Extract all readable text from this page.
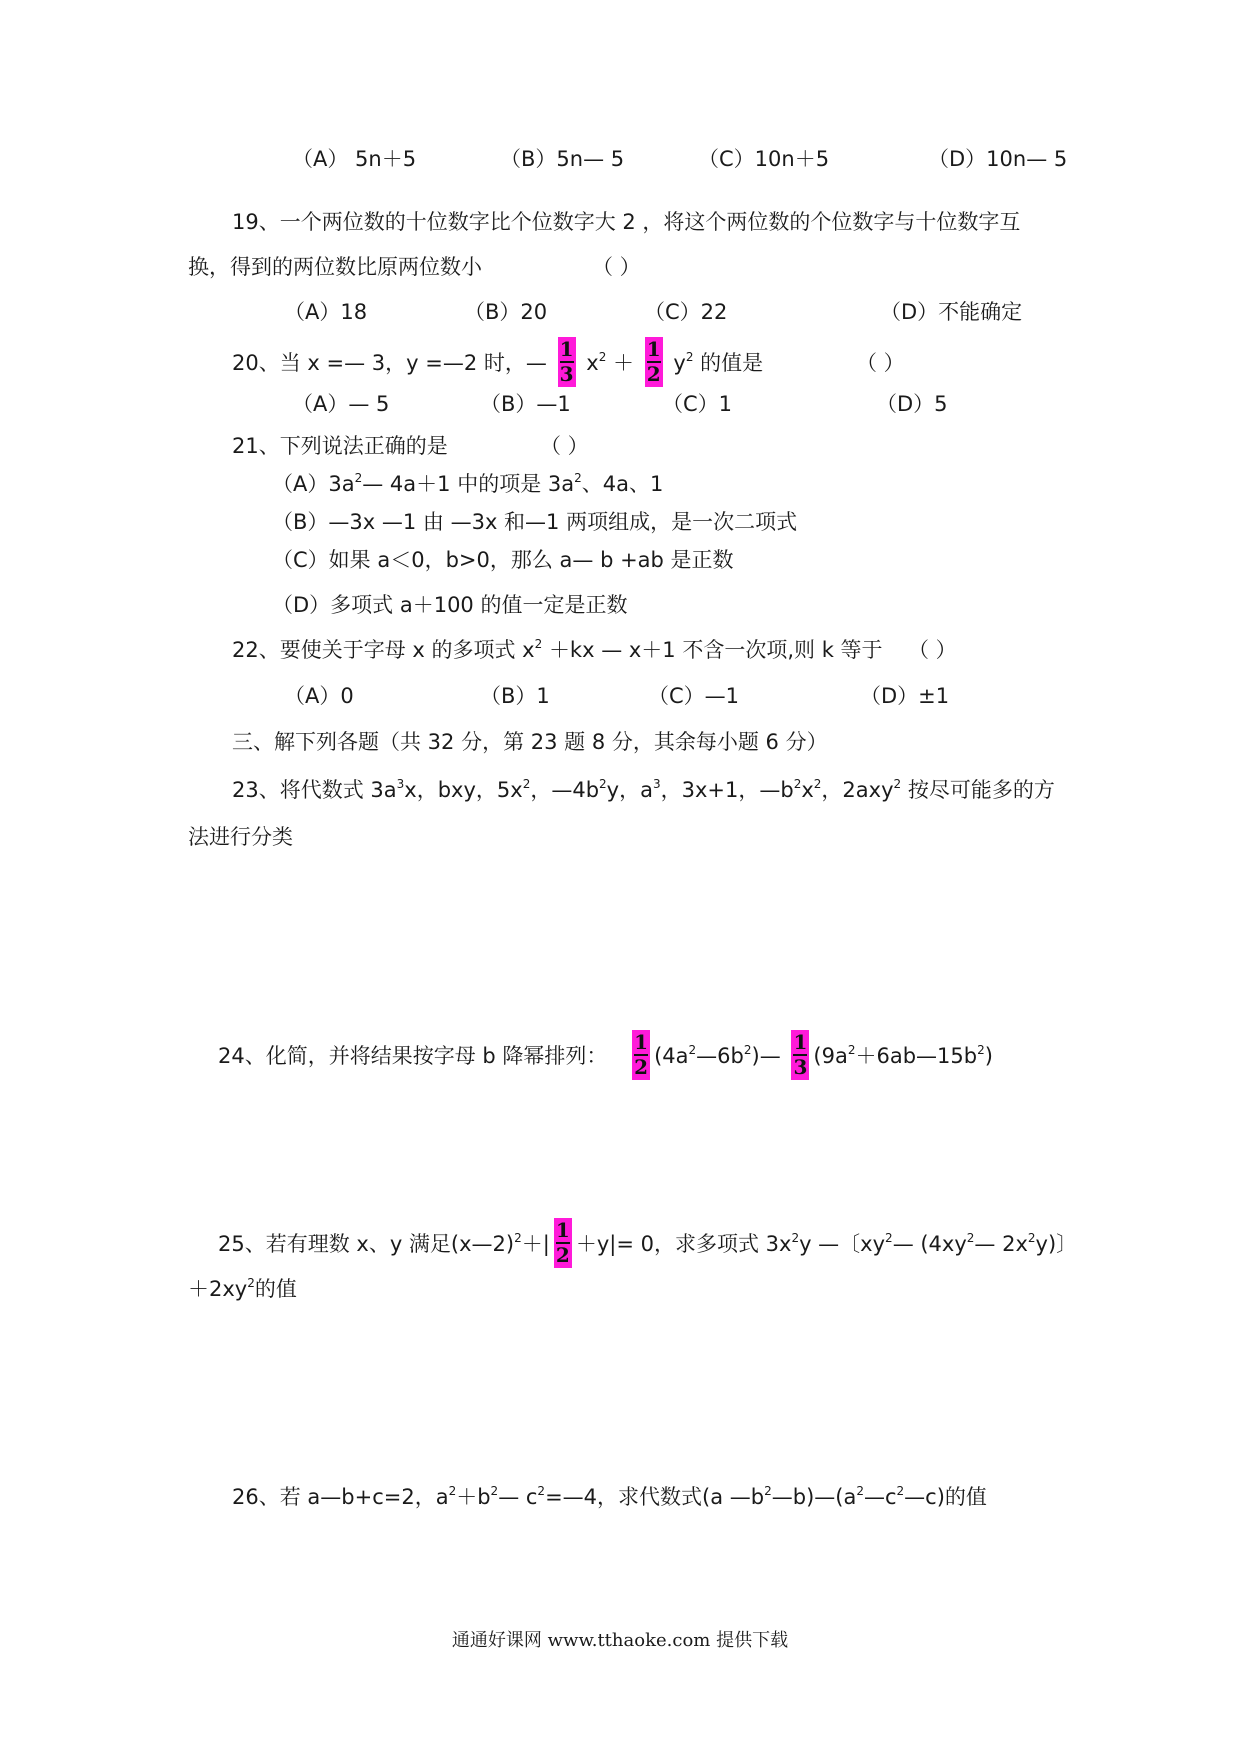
（A） 5n＋5	（B）5n— 5	（C）10n＋5	（D）10n— 5
19、一个两位数的十位数字比个位数字大 2 ，将这个两位数的个位数字与十位数字互
换，得到的两位数比原两位数小	（ ）
（A）18	（B）20	（C）22	（D）不能确定
20、当 x =— 3，y =—2 时，— $\frac{1}{3} x^2 + \frac{1}{2} y^2$ 的值是	（ ）
（A）— 5	（B）—1	（C）1	（D）5
21、下列说法正确的是	（ ）
$(A)3a^2—$ 4a＋1 中的项是 $3a^2$、4a、1
（B）—3x —1 由 —3x 和—1 两项组成，是一次二项式
（C）如果 a＜0，b>0，那么 a— b +ab 是正数
（D）多项式 a＋100 的值一定是正数
22、要使关于字母 x 的多项式 $x^2 +kx$ — x＋1 不含一次项,则 k 等于 （ ）
（A）0	（B）1	（C）—1	（D）±1
三、解下列各题（共 32 分，第 23 题 8 分，其余每小题 6 分）
23、将代数式 $3a^3x$，bxy，$5x^2$，$—4b^2y$，$a^3$，3x+1，$—b^2x^2$，2axy$^2$ 按尽可能多的方
法进行分类
24、化简，并将结果按字母 b 降幂排列： $\frac{1}{2}$ $(4a^2—6b^2)— \frac{1}{3}$ $(9a^2+6ab—15b^2)$
25、若有理数 x、y 满足(x—2)$^2$＋| $\frac{1}{2} +y|= 0$，求多项式 $3x^2y$ —〔$xy^2—$ ($4xy^2—$ $2x^2y$)〕
$+2xy^2$的值
26、若 a—b+c=2，$a^2+b^2—$ $c^2=—4$，求代数式(a $—b^2—b)—(a^2—c^2—c)$的值
通通好课网 www.tthaoke.com 提供下载
